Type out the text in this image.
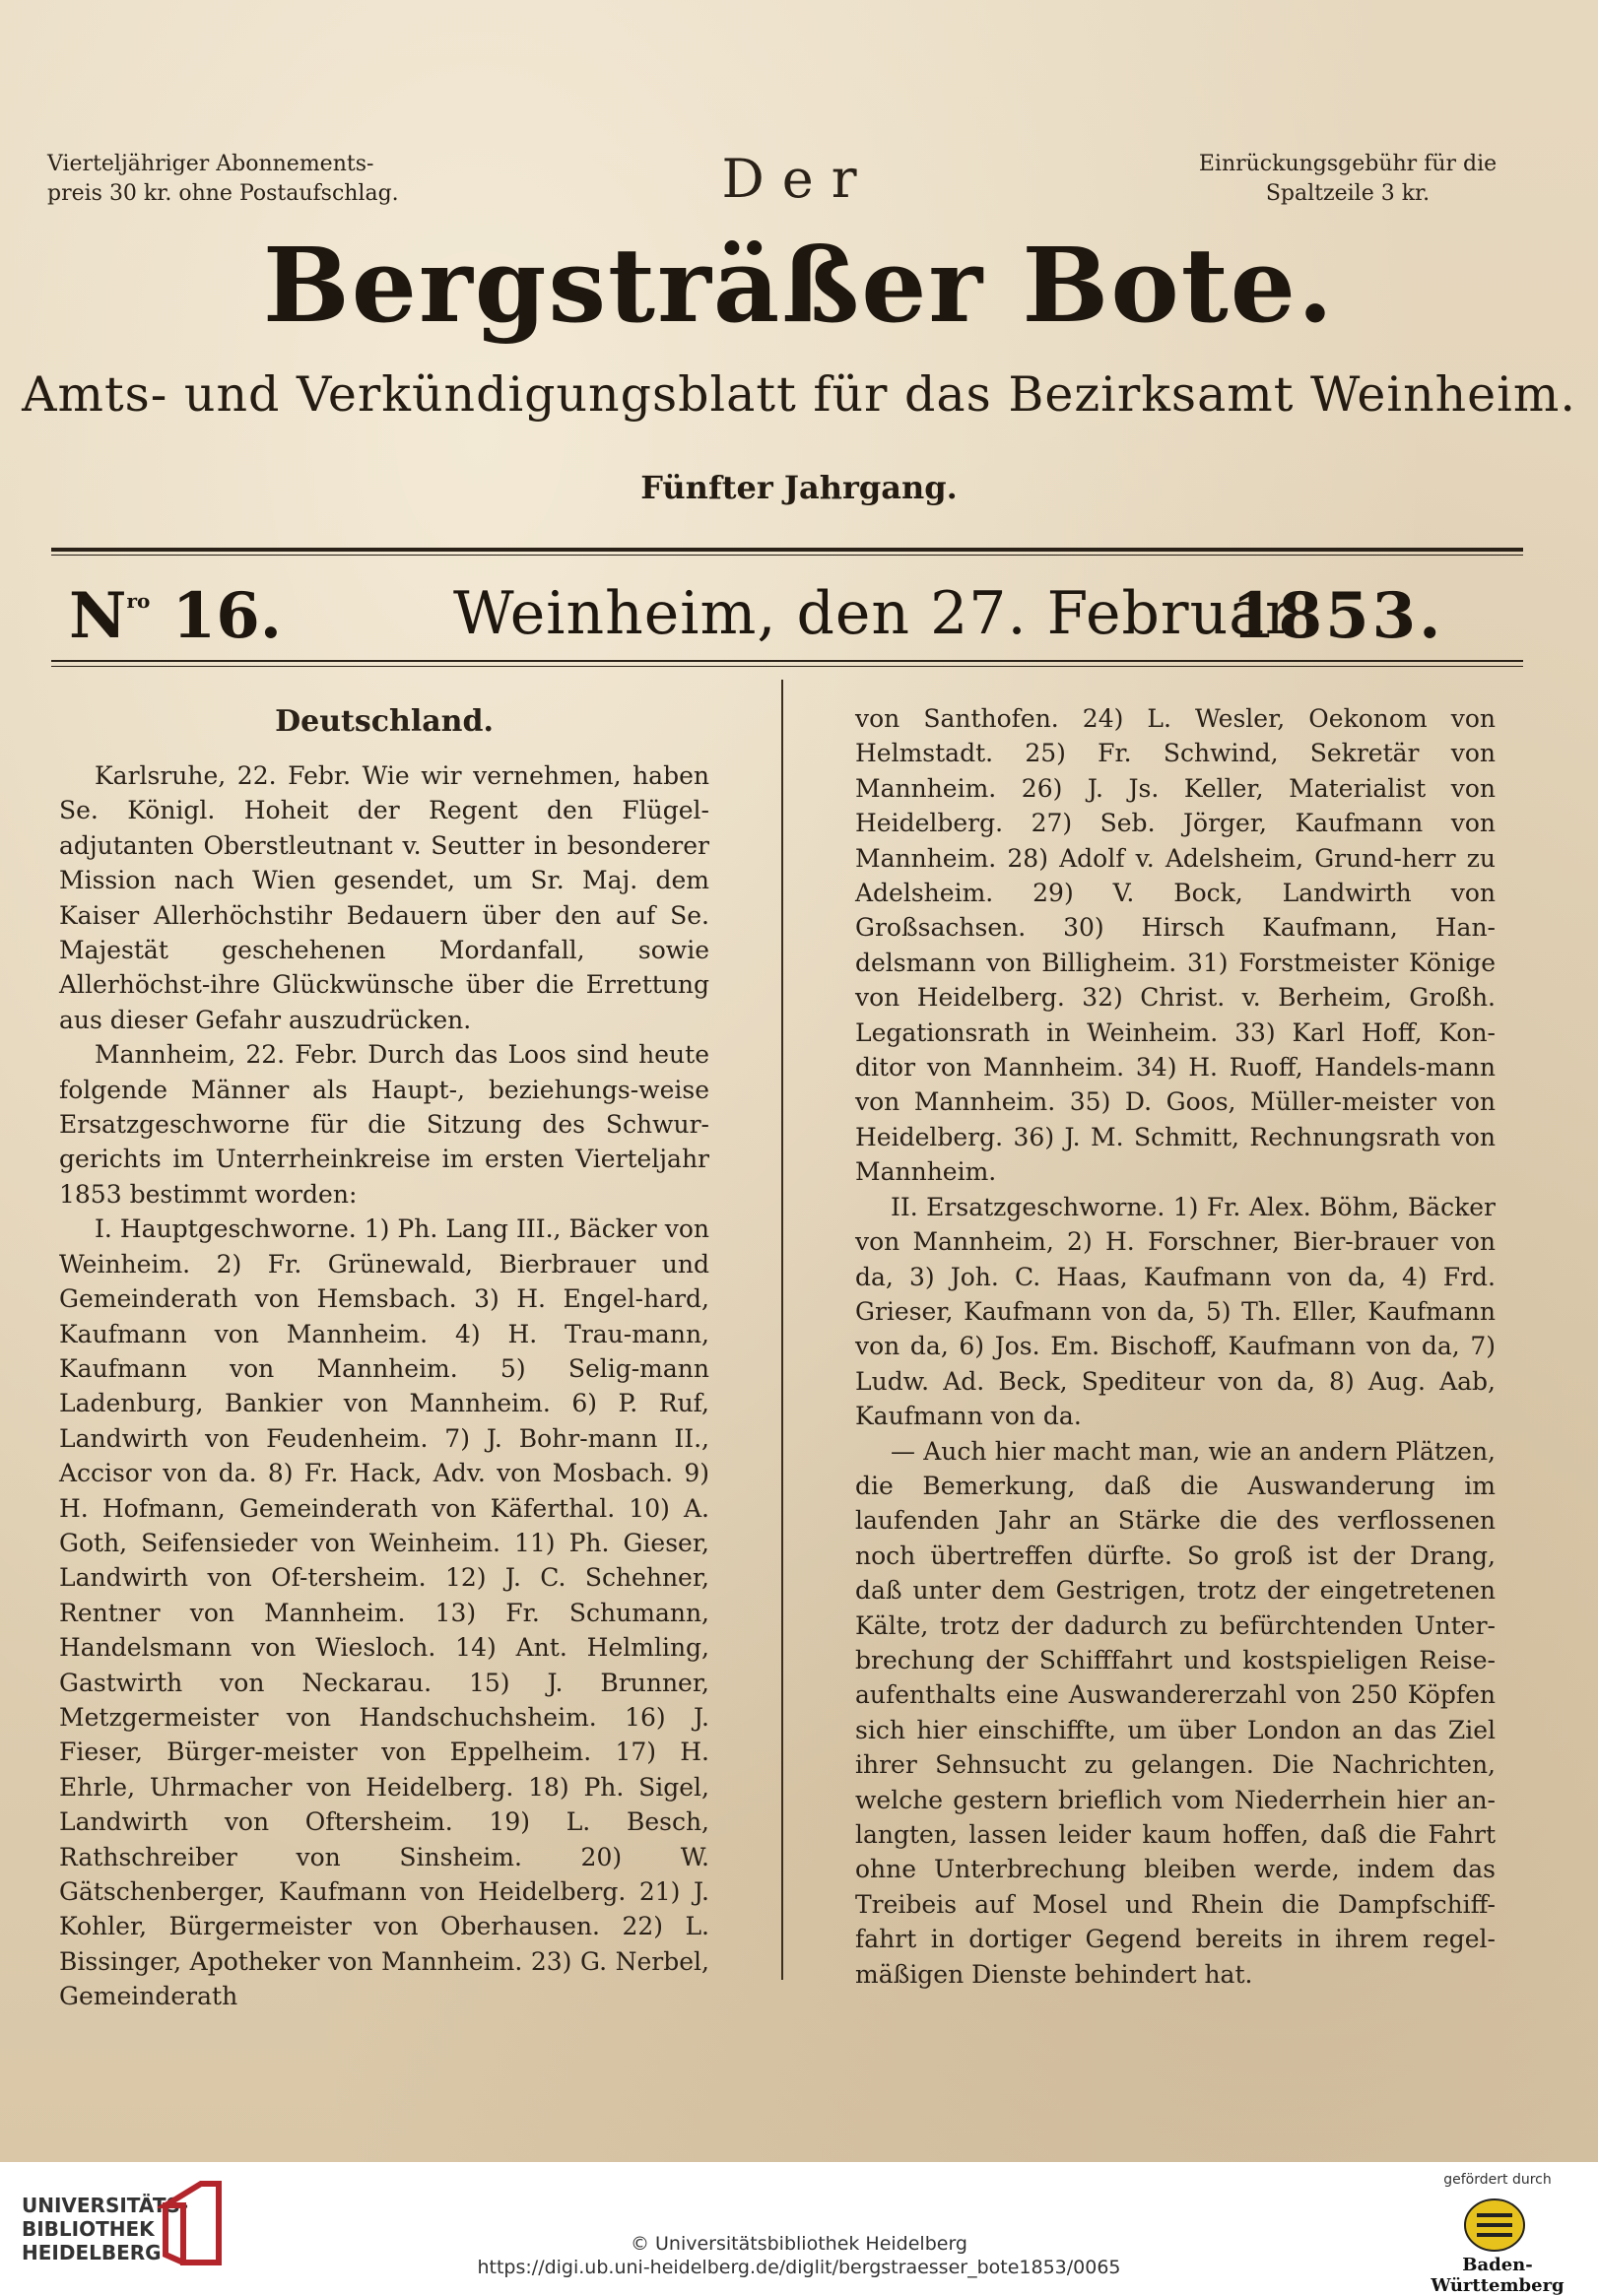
Vierteljähriger Abonnements-
preis 30 kr. ohne Postaufschlag.	Der	Einrückungsgebühr für die
Spaltzeile 3 kr.
Bergsträßer Bote.
Amts- und Verkündigungsblatt für das Bezirksamt Weinheim.
Fünfter Jahrgang.
$N^{ro}$ 16.	Weinheim, den 27. Februar
1853.
Deutschland.

Karlsruhe, 22. Febr. Wie wir vernehmen, haben Se. Königl. Hoheit der Regent den Flügel-adjutanten Oberstleutnant v. Seutter in besonderer Mission nach Wien gesendet, um Sr. Maj. dem Kaiser Allerhöchstihr Bedauern über den auf Se. Majestät geschehenen Mordanfall, sowie Allerhöchst-ihre Glückwünsche über die Errettung aus dieser Gefahr auszudrücken.

Mannheim, 22. Febr. Durch das Loos sind heute folgende Männer als Haupt-, beziehungs-weise Ersatzgeschworne für die Sitzung des Schwur-gerichts im Unterrheinkreise im ersten Vierteljahr 1853 bestimmt worden:

I. Hauptgeschworne. 1) Ph. Lang III., Bäcker von Weinheim. 2) Fr. Grünewald, Bierbrauer und Gemeinderath von Hemsbach. 3) H. Engel-hard, Kaufmann von Mannheim. 4) H. Trau-mann, Kaufmann von Mannheim. 5) Selig-mann Ladenburg, Bankier von Mannheim. 6) P. Ruf, Landwirth von Feudenheim. 7) J. Bohr-mann II., Accisor von da. 8) Fr. Hack, Adv. von Mosbach. 9) H. Hofmann, Gemeinderath von Käferthal. 10) A. Goth, Seifensieder von Weinheim. 11) Ph. Gieser, Landwirth von Of-tersheim. 12) J. C. Schehner, Rentner von Mannheim. 13) Fr. Schumann, Handelsmann von Wiesloch. 14) Ant. Helmling, Gastwirth von Neckarau. 15) J. Brunner, Metzgermeister von Handschuchsheim. 16) J. Fieser, Bürger-meister von Eppelheim. 17) H. Ehrle, Uhrmacher von Heidelberg. 18) Ph. Sigel, Landwirth von Oftersheim. 19) L. Besch, Rathschreiber von Sinsheim. 20) W. Gätschenberger, Kaufmann von Heidelberg. 21) J. Kohler, Bürgermeister von Oberhausen. 22) L. Bissinger, Apotheker von Mannheim. 23) G. Nerbel, Gemeinderath

von Santhofen. 24) L. Wesler, Oekonom von Helmstadt. 25) Fr. Schwind, Sekretär von Mannheim. 26) J. Js. Keller, Materialist von Heidelberg. 27) Seb. Jörger, Kaufmann von Mannheim. 28) Adolf v. Adelsheim, Grund-herr zu Adelsheim. 29) V. Bock, Landwirth von Großsachsen. 30) Hirsch Kaufmann, Han-delsmann von Billigheim. 31) Forstmeister Könige von Heidelberg. 32) Christ. v. Berheim, Großh. Legationsrath in Weinheim. 33) Karl Hoff, Kon-ditor von Mannheim. 34) H. Ruoff, Handels-mann von Mannheim. 35) D. Goos, Müller-meister von Heidelberg. 36) J. M. Schmitt, Rechnungsrath von Mannheim.

II. Ersatzgeschworne. 1) Fr. Alex. Böhm, Bäcker von Mannheim, 2) H. Forschner, Bier-brauer von da, 3) Joh. C. Haas, Kaufmann von da, 4) Frd. Grieser, Kaufmann von da, 5) Th. Eller, Kaufmann von da, 6) Jos. Em. Bischoff, Kaufmann von da, 7) Ludw. Ad. Beck, Spediteur von da, 8) Aug. Aab, Kaufmann von da.

— Auch hier macht man, wie an andern Plätzen, die Bemerkung, daß die Auswanderung im laufenden Jahr an Stärke die des verflossenen noch übertreffen dürfte. So groß ist der Drang, daß unter dem Gestrigen, trotz der eingetretenen Kälte, trotz der dadurch zu befürchtenden Unter-brechung der Schifffahrt und kostspieligen Reise-aufenthalts eine Auswandererzahl von 250 Köpfen sich hier einschiffte, um über London an das Ziel ihrer Sehnsucht zu gelangen. Die Nachrichten, welche gestern brieflich vom Niederrhein hier an-langten, lassen leider kaum hoffen, daß die Fahrt ohne Unterbrechung bleiben werde, indem das Treibeis auf Mosel und Rhein die Dampfschiff-fahrt in dortiger Gegend bereits in ihrem regel-mäßigen Dienste behindert hat.

UNIVERSITÄTS-
BIBLIOTHEK
HEIDELBERG	© Universitätsbibliothek Heidelberg
https://digi.ub.uni-heidelberg.de/diglit/bergstraesser_bote1853/0065
gefördert durch
Baden-Württemberg
